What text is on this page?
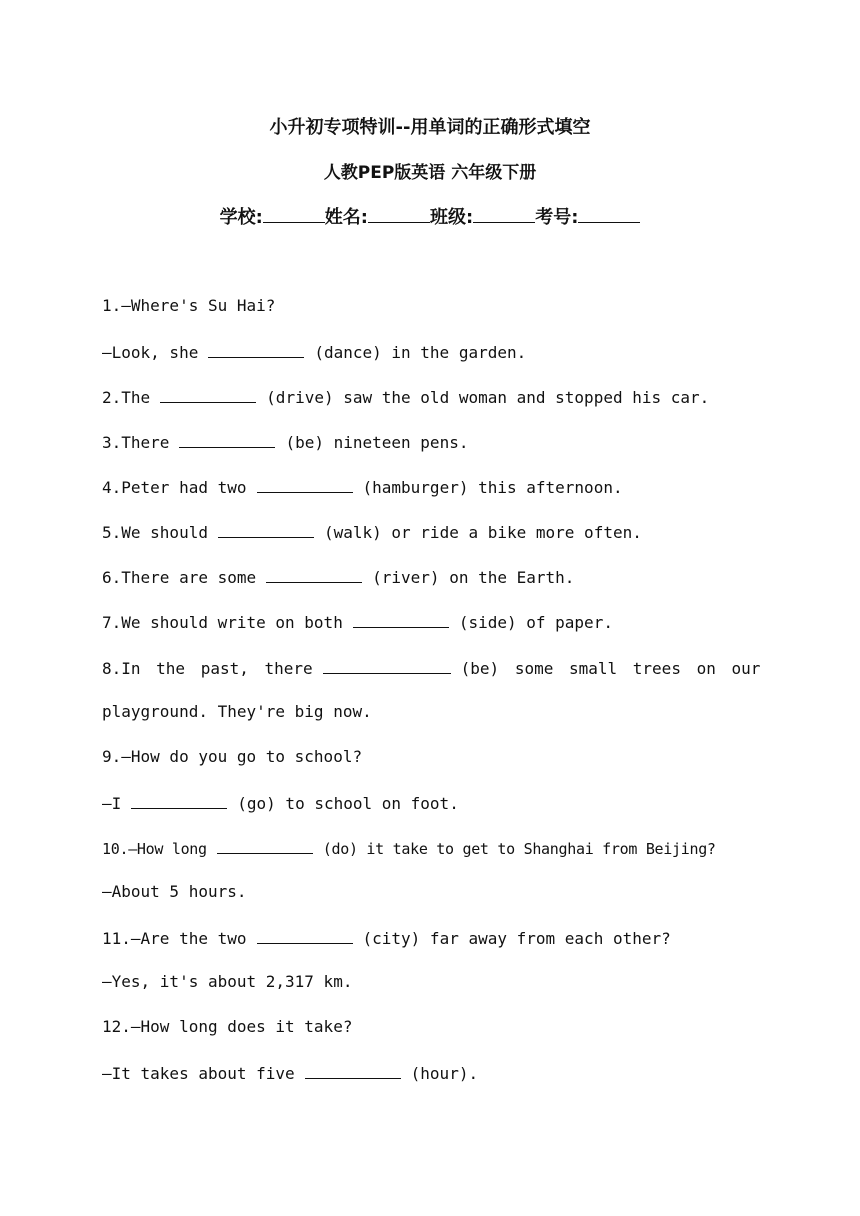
小升初专项特训--用单词的正确形式填空
人教PEP版英语 六年级下册
学校:	姓名:	班级:	考号:
1.—Where's Su Hai?
—Look, she	(dance) in the garden.
2.The	(drive) saw the old woman and stopped his car.
3.There	(be) nineteen pens.
4.Peter had two	(hamburger) this afternoon.
5.We should	(walk) or ride a bike more often.
6.There are some	(river) on the Earth.
7.We should write on both	(side) of paper.
8.In the past, there	(be) some small trees on our
playground. They're big now.
9.—How do you go to school?
—I	(go) to school on foot.
10.—How long	(do) it take to get to Shanghai from Beijing?
—About 5 hours.
11.—Are the two	(city) far away from each other?
—Yes, it's about 2,317 km.
12.—How long does it take?
—It takes about five	(hour).
